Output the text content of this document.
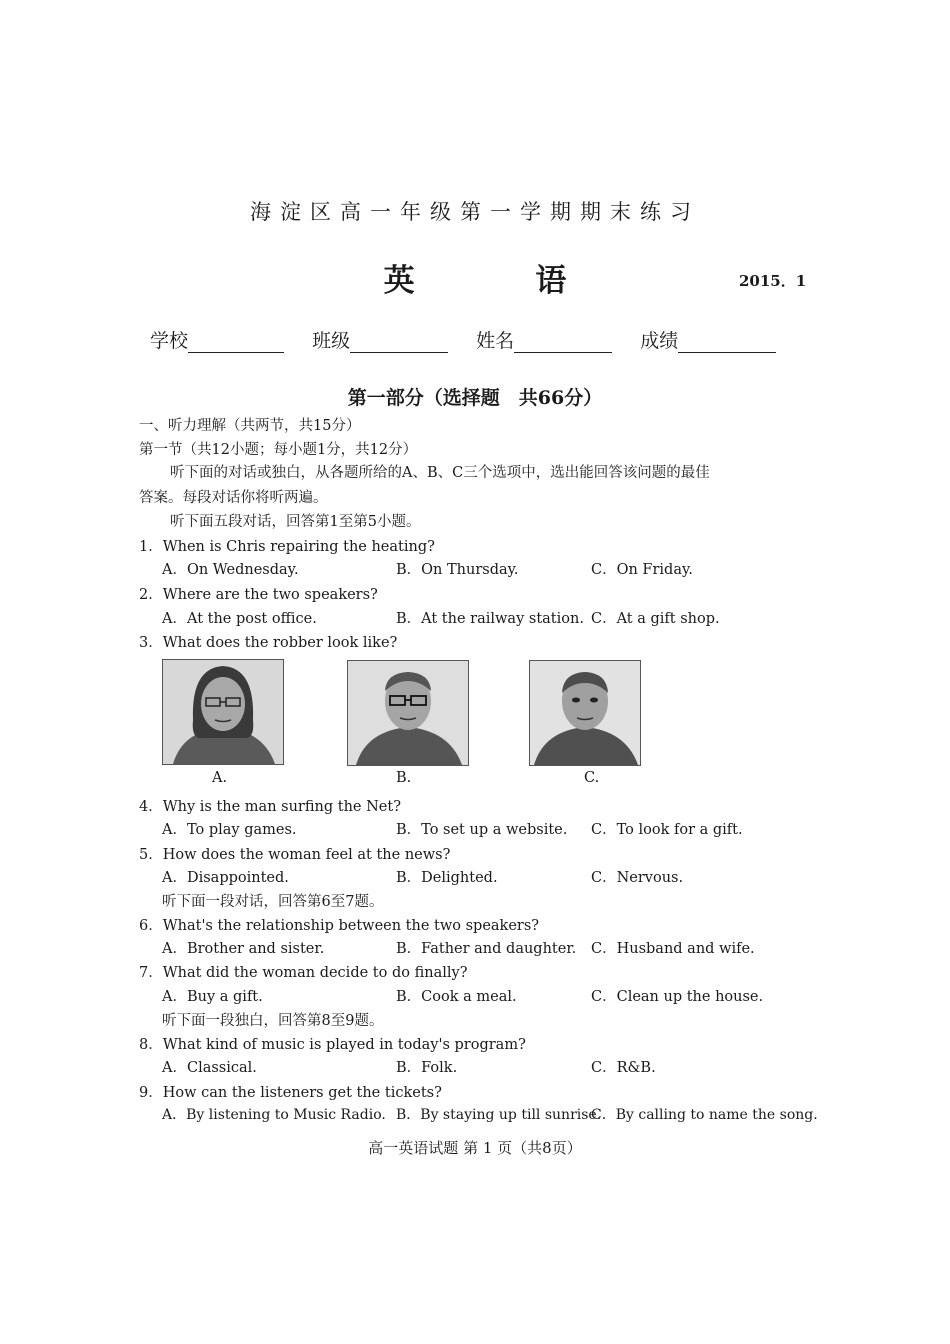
海淀区高一年级第一学期期末练习
英 语	2015．1
学校	班级	姓名	成绩
第一部分（选择题　共66分）
一、听力理解（共两节，共15分）
第一节（共12小题；每小题1分，共12分）
听下面的对话或独白，从各题所给的A、B、C三个选项中，选出能回答该问题的最佳
答案。每段对话你将听两遍。
听下面五段对话，回答第1至第5小题。
1．When is Chris repairing the heating?
A．On Wednesday.	B．On Thursday.	C．On Friday.
2．Where are the two speakers?
A．At the post office.	B．At the railway station. C．At a gift shop.
3．What does the robber look like?
A.	B.	C.
4．Why is the man surfing the Net?
A．To play games.	B．To set up a website. C．To look for a gift.
5．How does the woman feel at the news?
A．Disappointed.	B．Delighted.	C．Nervous.
听下面一段对话，回答第6至7题。
6．What's the relationship between the two speakers?
A．Brother and sister.	B．Father and daughter. C．Husband and wife.
7．What did the woman decide to do finally?
A．Buy a gift.	B．Cook a meal.	C．Clean up the house.
听下面一段独白，回答第8至9题。
8．What kind of music is played in today's program?
A．Classical.	B．Folk.	C．R&B.
9．How can the listeners get the tickets?
A．By listening to Music Radio. B．By staying up till sunrise.
C．By calling to name the song.
高一英语试题 第 1 页（共8页）
